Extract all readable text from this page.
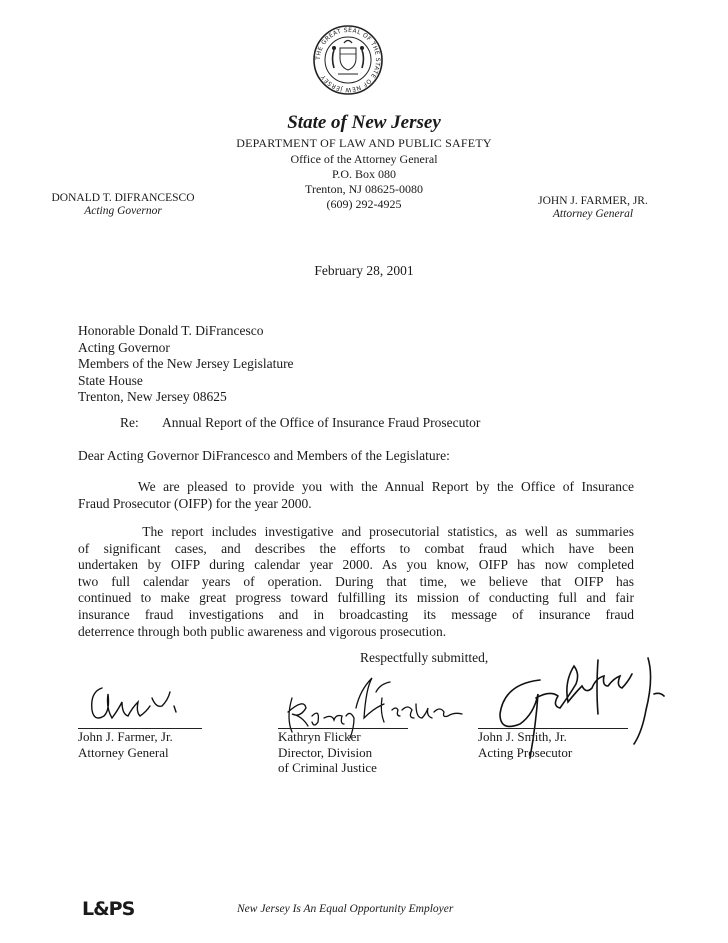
THE GREAT SEAL OF THE STATE OF NEW JERSEY
State of New Jersey
DEPARTMENT OF LAW AND PUBLIC SAFETY
Office of the Attorney General
P.O. Box 080
Trenton, NJ 08625-0080
(609) 292-4925
DONALD T. DIFRANCESCO
Acting Governor
JOHN J. FARMER, JR.
Attorney General
February 28, 2001
Honorable Donald T. DiFrancesco
Acting Governor
Members of the New Jersey Legislature
State House
Trenton, New Jersey 08625
Re: Annual Report of the Office of Insurance Fraud Prosecutor
Dear Acting Governor DiFrancesco and Members of the Legislature:
We are pleased to provide you with the Annual Report by the Office of Insurance
Fraud Prosecutor (OIFP) for the year 2000.
The report includes investigative and prosecutorial statistics, as well as summaries
of significant cases, and describes the efforts to combat fraud which have been
undertaken by OIFP during calendar year 2000. As you know, OIFP has now completed
two full calendar years of operation. During that time, we believe that OIFP has
continued to make great progress toward fulfilling its mission of conducting full and fair
insurance fraud investigations and in broadcasting its message of insurance fraud
deterrence through both public awareness and vigorous prosecution.
Respectfully submitted,
John J. Farmer, Jr.
Attorney General
Kathryn Flicker
Director, Division
of Criminal Justice
John J. Smith, Jr.
Acting Prosecutor
L&PS	New Jersey Is An Equal Opportunity Employer
